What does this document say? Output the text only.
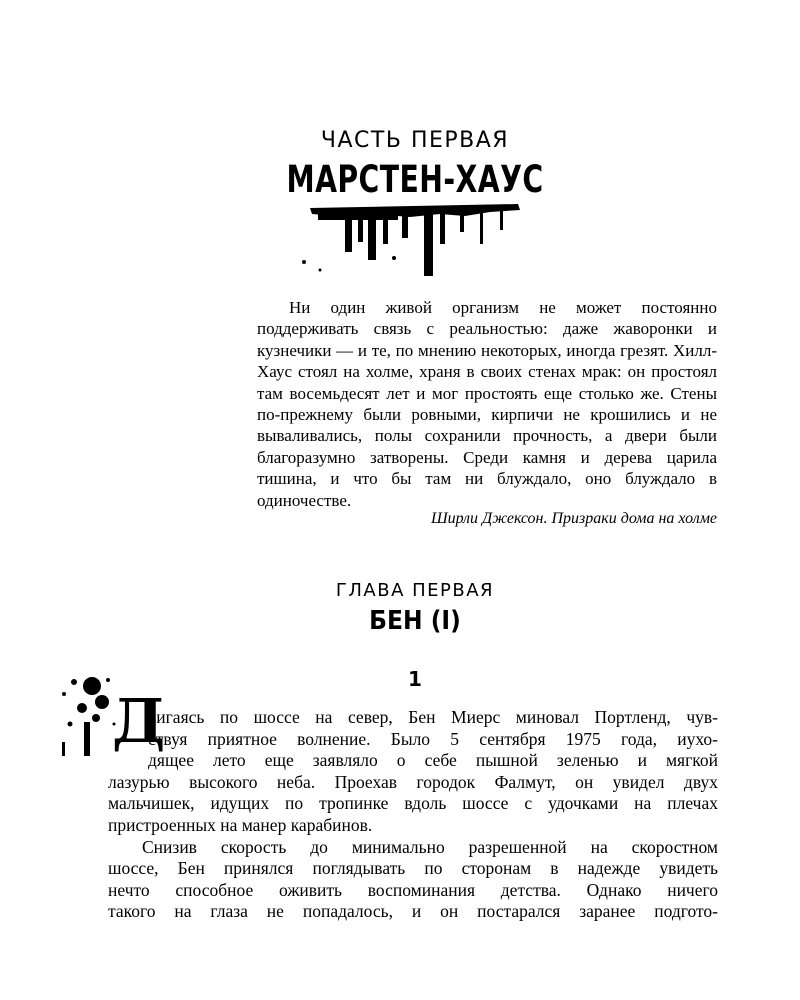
ЧАСТЬ ПЕРВАЯ
МАРСТЕН-ХАУС

Ни один живой организм не может постоянно поддерживать связь с реальностью: даже жаворонки и кузнечики — и те, по мнению некоторых, иногда грезят. Хилл-Хаус стоял на холме, храня в своих стенах мрак: он простоял там восемьдесят лет и мог простоять еще столько же. Стены по-прежнему были ровными, кирпичи не крошились и не вываливались, полы сохранили прочность, а двери были благоразумно затворены. Среди камня и дерева царила тишина, и что бы там ни блуждало, оно блуждало в одиночестве.

Ширли Джексон. Призраки дома на холме
ГЛАВА ПЕРВАЯ
БЕН (I)
1
Д
вигаясь по шоссе на север, Бен Миерс миновал Портленд, чув-
ствуя приятное волнение. Было 5 сентября 1975 года, иухо-
дящее лето еще заявляло о себе пышной зеленью и мягкой
лазурью высокого неба. Проехав городок Фалмут, он увидел двух
мальчишек, идущих по тропинке вдоль шоссе с удочками на плечах
пристроенных на манер карабинов.
Снизив скорость до минимально разрешенной на скоростном
шоссе, Бен принялся поглядывать по сторонам в надежде увидеть
нечто способное оживить воспоминания детства. Однако ничего
такого на глаза не попадалось, и он постарался заранее подгото-
